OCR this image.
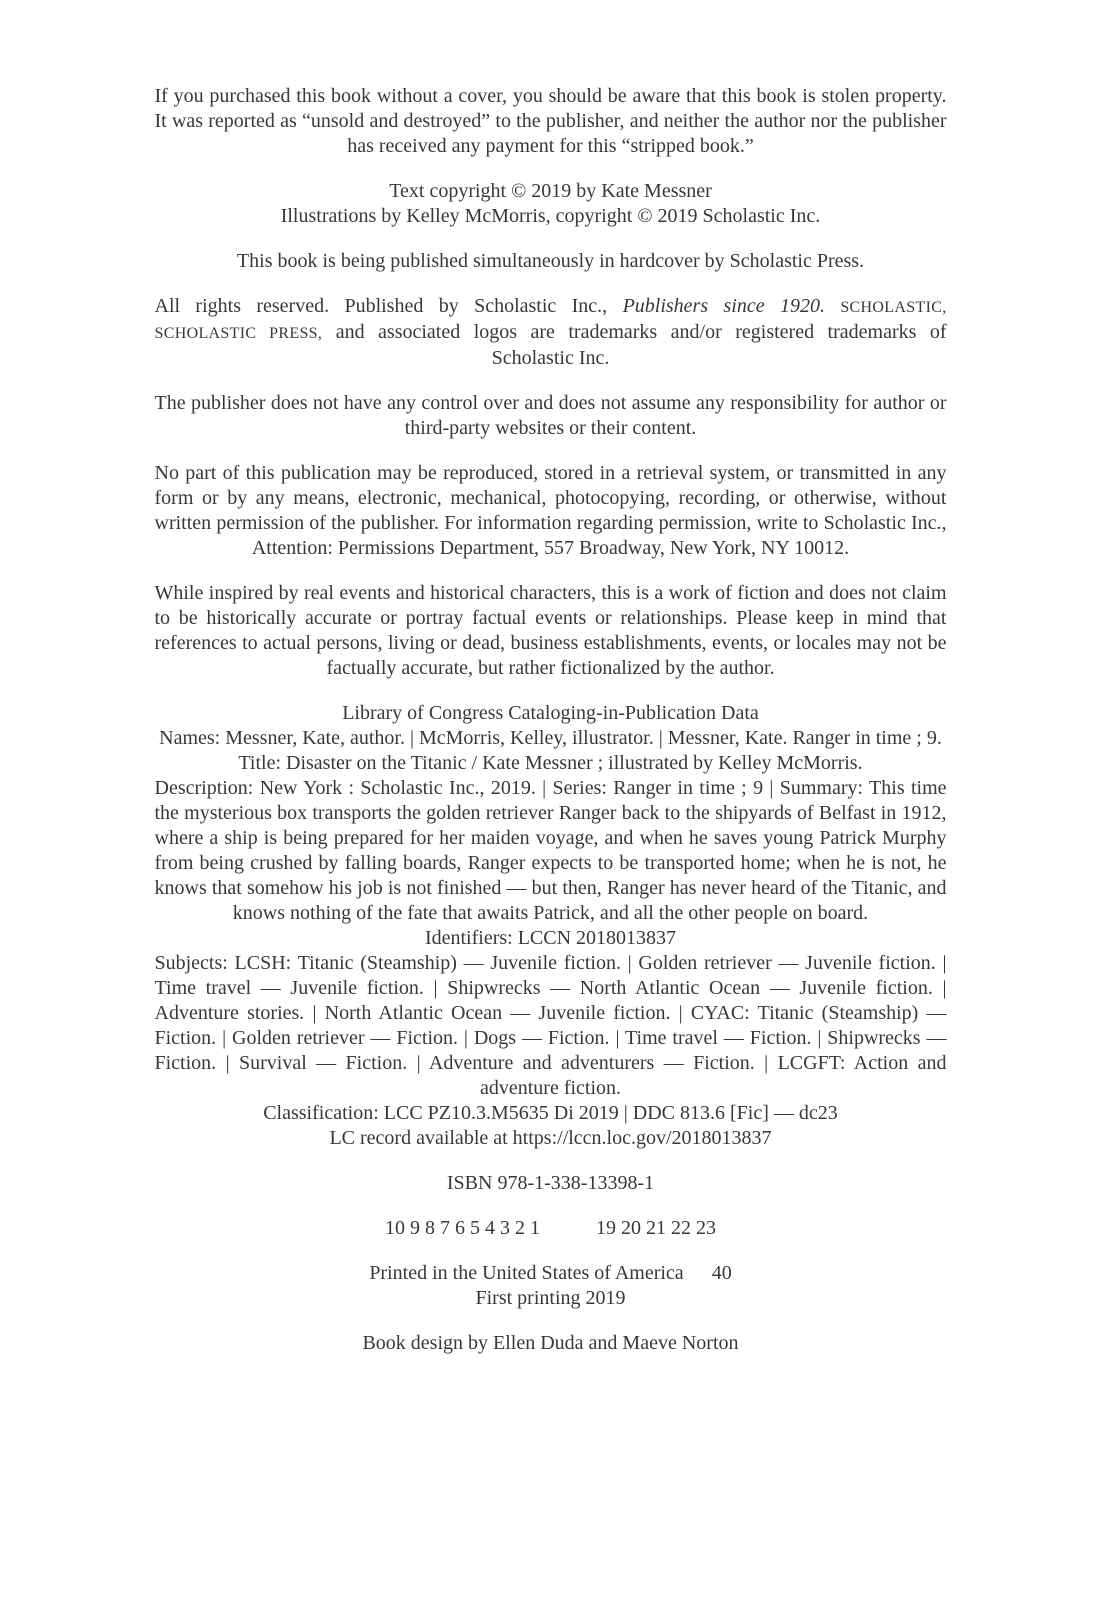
If you purchased this book without a cover, you should be aware that this book is stolen property. It was reported as “unsold and destroyed” to the publisher, and neither the author nor the publisher has received any payment for this “stripped book.”

Text copyright © 2019 by Kate Messner

Illustrations by Kelley McMorris, copyright © 2019 Scholastic Inc.

This book is being published simultaneously in hardcover by Scholastic Press.

All rights reserved. Published by Scholastic Inc., Publishers since 1920. SCHOLASTIC, SCHOLASTIC PRESS, and associated logos are trademarks and/or registered trademarks of Scholastic Inc.

The publisher does not have any control over and does not assume any responsibility for author or third-party websites or their content.

No part of this publication may be reproduced, stored in a retrieval system, or transmitted in any form or by any means, electronic, mechanical, photocopying, recording, or otherwise, without written permission of the publisher. For information regarding permission, write to Scholastic Inc., Attention: Permissions Department, 557 Broadway, New York, NY 10012.

While inspired by real events and historical characters, this is a work of fiction and does not claim to be historically accurate or portray factual events or relationships. Please keep in mind that references to actual persons, living or dead, business establishments, events, or locales may not be factually accurate, but rather fictionalized by the author.

Library of Congress Cataloging-in-Publication Data

Names: Messner, Kate, author. | McMorris, Kelley, illustrator. | Messner, Kate. Ranger in time ; 9.

Title: Disaster on the Titanic / Kate Messner ; illustrated by Kelley McMorris.

Description: New York : Scholastic Inc., 2019. | Series: Ranger in time ; 9 | Summary: This time the mysterious box transports the golden retriever Ranger back to the shipyards of Belfast in 1912, where a ship is being prepared for her maiden voyage, and when he saves young Patrick Murphy from being crushed by falling boards, Ranger expects to be transported home; when he is not, he knows that somehow his job is not finished — but then, Ranger has never heard of the Titanic, and knows nothing of the fate that awaits Patrick, and all the other people on board.

Identifiers: LCCN 2018013837

Subjects: LCSH: Titanic (Steamship) — Juvenile fiction. | Golden retriever — Juvenile fiction. | Time travel — Juvenile fiction. | Shipwrecks — North Atlantic Ocean — Juvenile fiction. | Adventure stories. | North Atlantic Ocean — Juvenile fiction. | CYAC: Titanic (Steamship) — Fiction. | Golden retriever — Fiction. | Dogs — Fiction. | Time travel — Fiction. | Shipwrecks — Fiction. | Survival — Fiction. | Adventure and adventurers — Fiction. | LCGFT: Action and adventure fiction.

Classification: LCC PZ10.3.M5635 Di 2019 | DDC 813.6 [Fic] — dc23

LC record available at https://lccn.loc.gov/2018013837

ISBN 978-1-338-13398-1

10 9 8 7 6 5 4 3 2 1	19 20 21 22 23

Printed in the United States of America 40

First printing 2019

Book design by Ellen Duda and Maeve Norton
